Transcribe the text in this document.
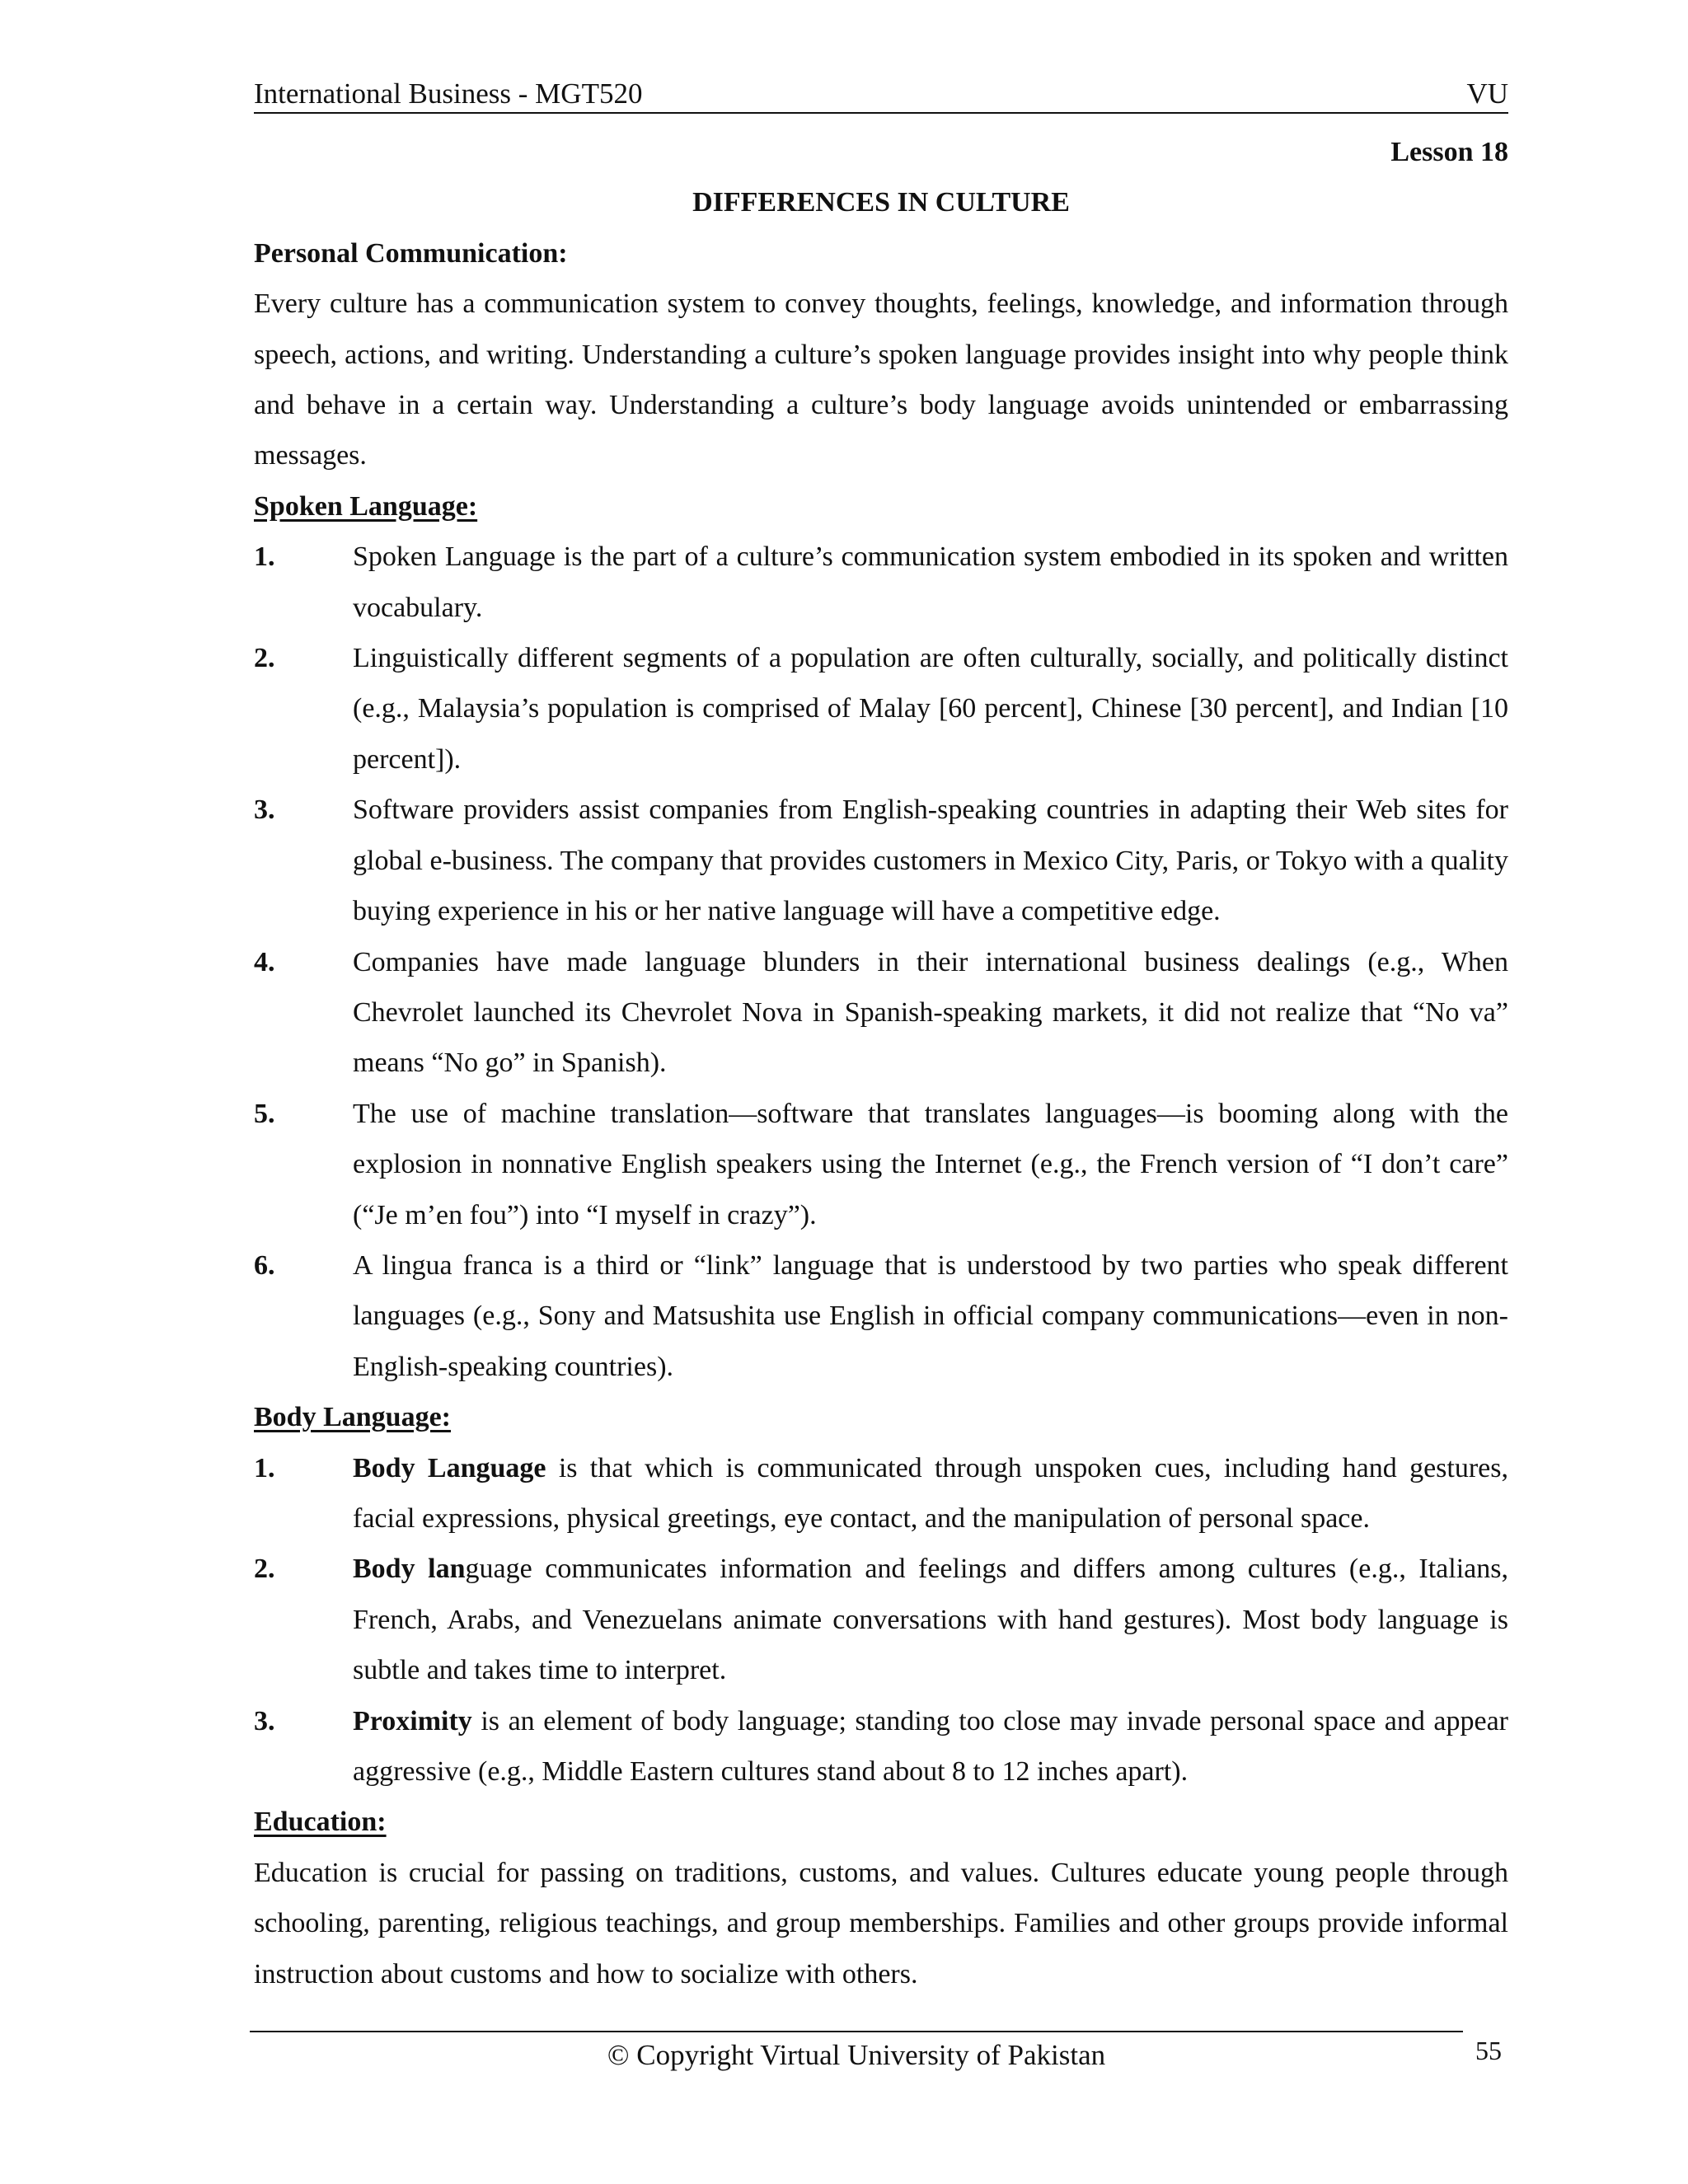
International Business - MGT520	VU
Lesson 18
DIFFERENCES IN CULTURE
Personal Communication:
Every culture has a communication system to convey thoughts, feelings, knowledge, and information through speech, actions, and writing. Understanding a culture’s spoken language provides insight into why people think and behave in a certain way. Understanding a culture’s body language avoids unintended or embarrassing messages.
Spoken Language:
1.	Spoken Language is the part of a culture’s communication system embodied in its spoken and written vocabulary.
2.	Linguistically different segments of a population are often culturally, socially, and politically distinct (e.g., Malaysia’s population is comprised of Malay [60 percent], Chinese [30 percent], and Indian [10 percent]).
3.	Software providers assist companies from English-speaking countries in adapting their Web sites for global e-business. The company that provides customers in Mexico City, Paris, or Tokyo with a quality buying experience in his or her native language will have a competitive edge.
4.	Companies have made language blunders in their international business dealings (e.g., When Chevrolet launched its Chevrolet Nova in Spanish-speaking markets, it did not realize that “No va” means “No go” in Spanish).
5.	The use of machine translation—software that translates languages—is booming along with the explosion in nonnative English speakers using the Internet (e.g., the French version of “I don’t care” (“Je m’en fou”) into “I myself in crazy”).
6.	A lingua franca is a third or “link” language that is understood by two parties who speak different languages (e.g., Sony and Matsushita use English in official company communications—even in non-English-speaking countries).
Body Language:
1.	Body Language is that which is communicated through unspoken cues, including hand gestures, facial expressions, physical greetings, eye contact, and the manipulation of personal space.
2.	Body language communicates information and feelings and differs among cultures (e.g., Italians, French, Arabs, and Venezuelans animate conversations with hand gestures). Most body language is subtle and takes time to interpret.
3.	Proximity is an element of body language; standing too close may invade personal space and appear aggressive (e.g., Middle Eastern cultures stand about 8 to 12 inches apart).
Education:
Education is crucial for passing on traditions, customs, and values. Cultures educate young people through schooling, parenting, religious teachings, and group memberships. Families and other groups provide informal instruction about customs and how to socialize with others.
© Copyright Virtual University of Pakistan	55
